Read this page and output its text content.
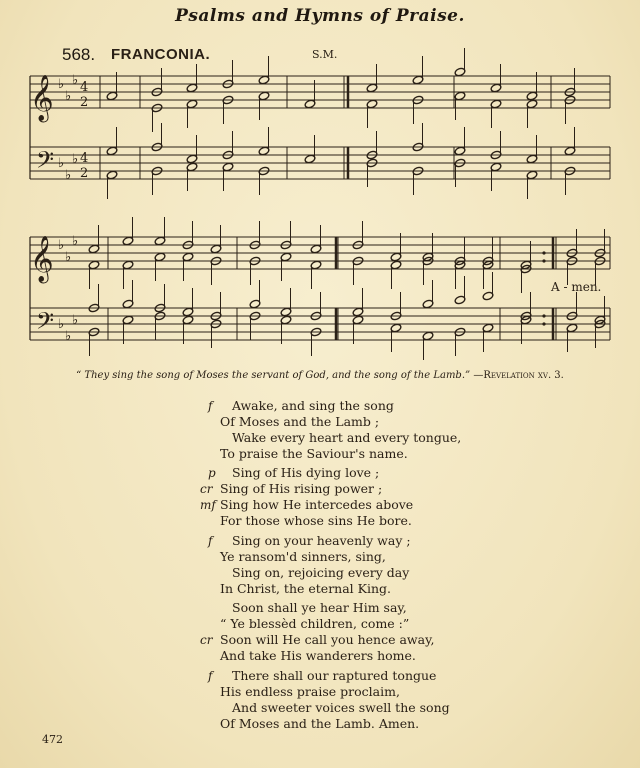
Psalms and Hymns of Praise.
568. FRANCONIA.	S.M.
𝄞
𝄢
♭
♭
♭
♭
♭
♭
4
2
4
2
𝄞
𝄢
♭
♭
♭
♭
♭
♭
A - men.
“ They sing the song of Moses the servant of God, and the song of the Lamb.” —Revelation xv. 3.
f Awake, and sing the song
Of Moses and the Lamb ;
Wake every heart and every tongue,
To praise the Saviour's name.
p Sing of His dying love ;
cr Sing of His rising power ;
mf Sing how He intercedes above
For those whose sins He bore.
f Sing on your heavenly way ;
Ye ransom'd sinners, sing,
Sing on, rejoicing every day
In Christ, the eternal King.
Soon shall ye hear Him say,
“ Ye blessèd children, come :”
cr Soon will He call you hence away,
And take His wanderers home.
f There shall our raptured tongue
His endless praise proclaim,
And sweeter voices swell the song
Of Moses and the Lamb. Amen.
472
